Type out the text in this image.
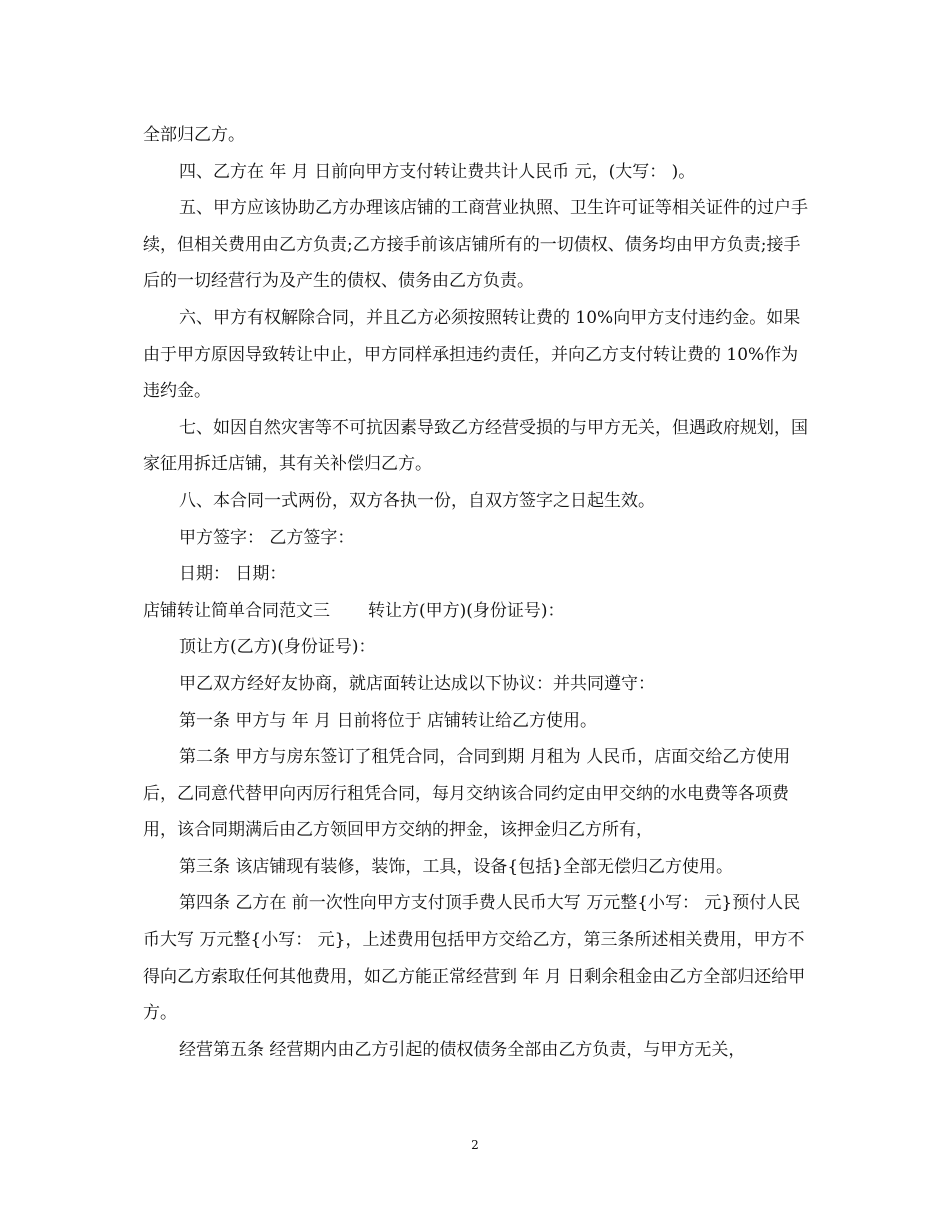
全部归乙方。

四、乙方在 年 月 日前向甲方支付转让费共计人民币 元，(大写： )。

五、甲方应该协助乙方办理该店铺的工商营业执照、卫生许可证等相关证件的过户手续，但相关费用由乙方负责;乙方接手前该店铺所有的一切债权、债务均由甲方负责;接手后的一切经营行为及产生的债权、债务由乙方负责。

六、甲方有权解除合同，并且乙方必须按照转让费的 10%向甲方支付违约金。如果由于甲方原因导致转让中止，甲方同样承担违约责任，并向乙方支付转让费的 10%作为违约金。

七、如因自然灾害等不可抗因素导致乙方经营受损的与甲方无关，但遇政府规划，国家征用拆迁店铺，其有关补偿归乙方。

八、本合同一式两份，双方各执一份，自双方签字之日起生效。

甲方签字： 乙方签字：

日期： 日期：

店铺转让简单合同范文三 转让方(甲方)(身份证号)：

顶让方(乙方)(身份证号)：

甲乙双方经好友协商，就店面转让达成以下协议：并共同遵守：

第一条 甲方与 年 月 日前将位于 店铺转让给乙方使用。

第二条 甲方与房东签订了租凭合同，合同到期 月租为 人民币，店面交给乙方使用后，乙同意代替甲向丙厉行租凭合同，每月交纳该合同约定由甲交纳的水电费等各项费用，该合同期满后由乙方领回甲方交纳的押金，该押金归乙方所有，

第三条 该店铺现有装修，装饰，工具，设备{包括}全部无偿归乙方使用。

第四条 乙方在 前一次性向甲方支付顶手费人民币大写 万元整{小写： 元}预付人民币大写 万元整{小写： 元}，上述费用包括甲方交给乙方，第三条所述相关费用，甲方不得向乙方索取任何其他费用，如乙方能正常经营到 年 月 日剩余租金由乙方全部归还给甲方。

经营第五条 经营期内由乙方引起的债权债务全部由乙方负责，与甲方无关，

2
